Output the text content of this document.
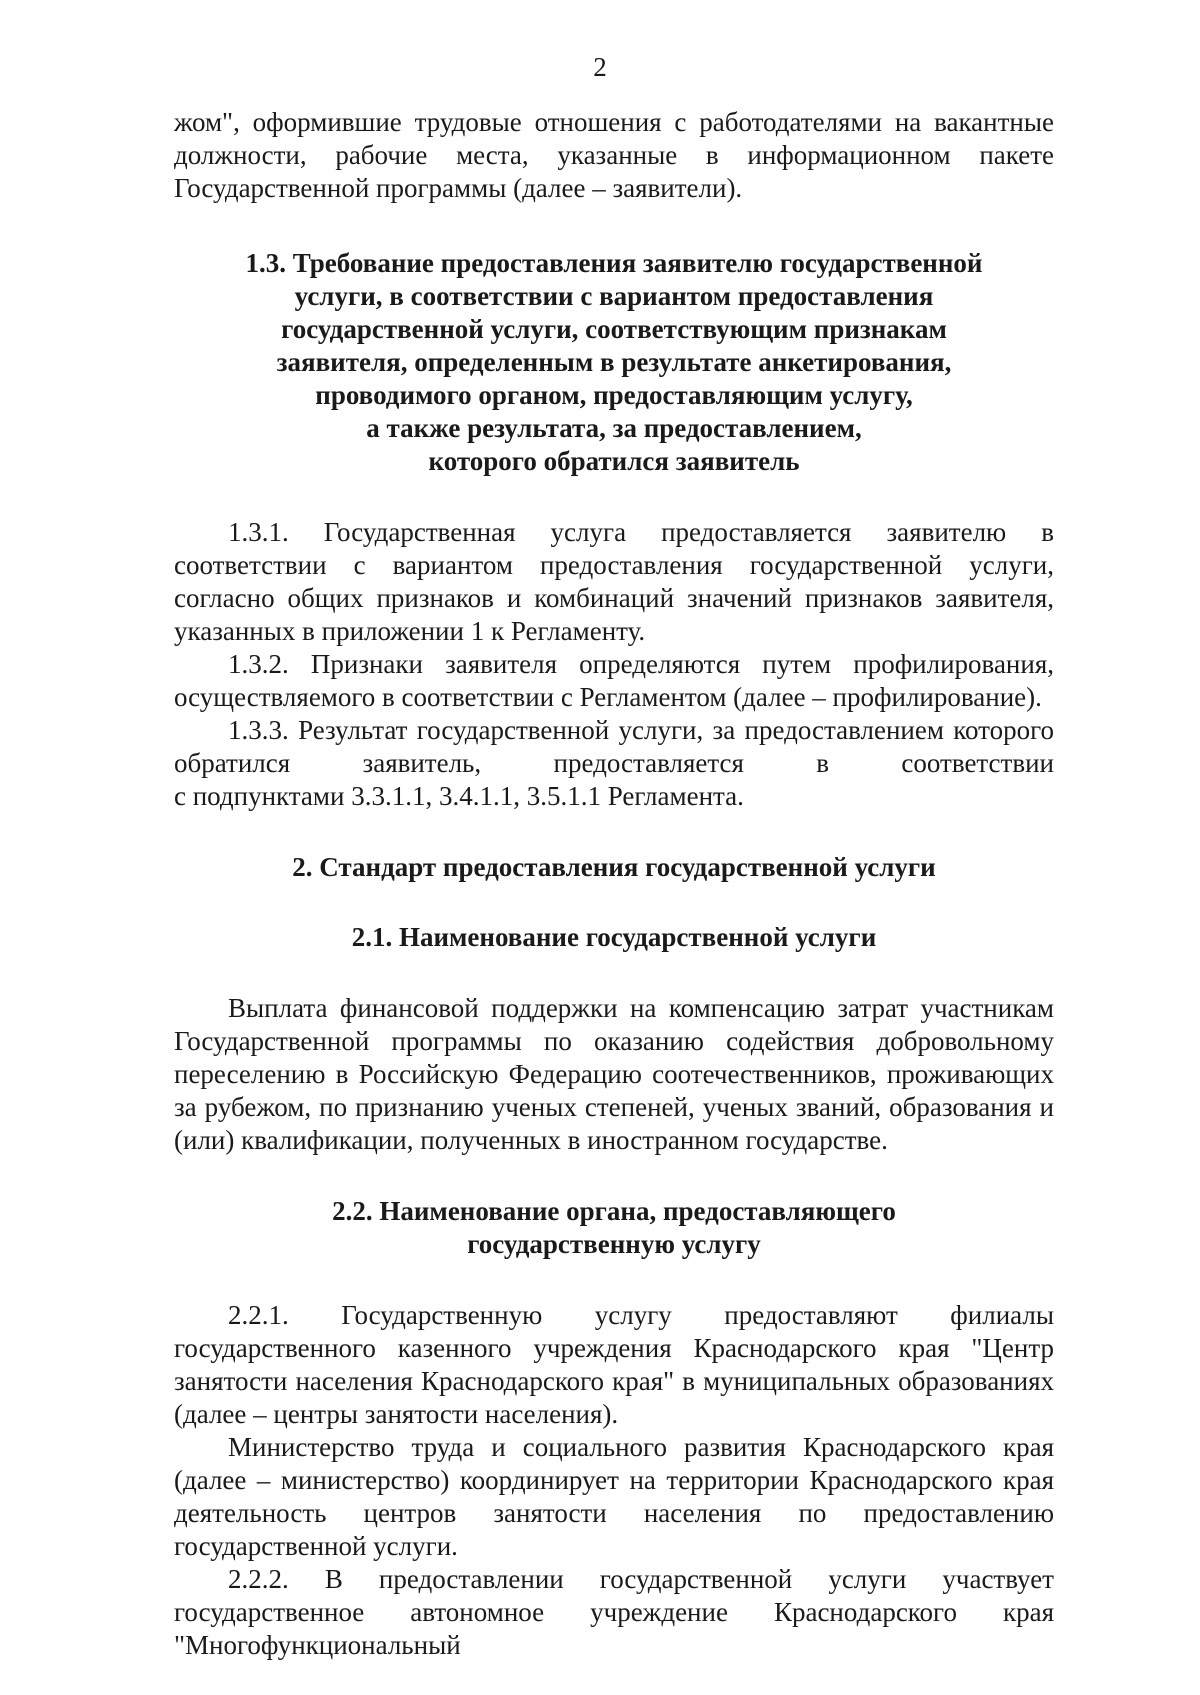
2

жом", оформившие трудовые отношения с работодателями на вакантные должности, рабочие места, указанные в информационном пакете Государственной программы (далее – заявители).

1.3. Требование предоставления заявителю государственной
услуги, в соответствии с вариантом предоставления
государственной услуги, соответствующим признакам
заявителя, определенным в результате анкетирования,
проводимого органом, предоставляющим услугу,
а также результата, за предоставлением,
которого обратился заявитель

1.3.1. Государственная услуга предоставляется заявителю в соответствии с вариантом предоставления государственной услуги, согласно общих признаков и комбинаций значений признаков заявителя, указанных в приложении 1 к Регламенту.

1.3.2. Признаки заявителя определяются путем профилирования, осуществляемого в соответствии с Регламентом (далее – профилирование).

1.3.3. Результат государственной услуги, за предоставлением которого обратился заявитель, предоставляется в соответствии

с подпунктами 3.3.1.1, 3.4.1.1, 3.5.1.1 Регламента.

2. Стандарт предоставления государственной услуги
2.1. Наименование государственной услуги

Выплата финансовой поддержки на компенсацию затрат участникам Государственной программы по оказанию содействия добровольному переселению в Российскую Федерацию соотечественников, проживающих за рубежом, по признанию ученых степеней, ученых званий, образования и (или) квалификации, полученных в иностранном государстве.

2.2. Наименование органа, предоставляющего
государственную услугу

2.2.1. Государственную услугу предоставляют филиалы государственного казенного учреждения Краснодарского края "Центр занятости населения Краснодарского края" в муниципальных образованиях (далее – центры занятости населения).

Министерство труда и социального развития Краснодарского края (далее – министерство) координирует на территории Краснодарского края деятельность центров занятости населения по предоставлению государственной услуги.

2.2.2. В предоставлении государственной услуги участвует государственное автономное учреждение Краснодарского края "Многофункциональный
